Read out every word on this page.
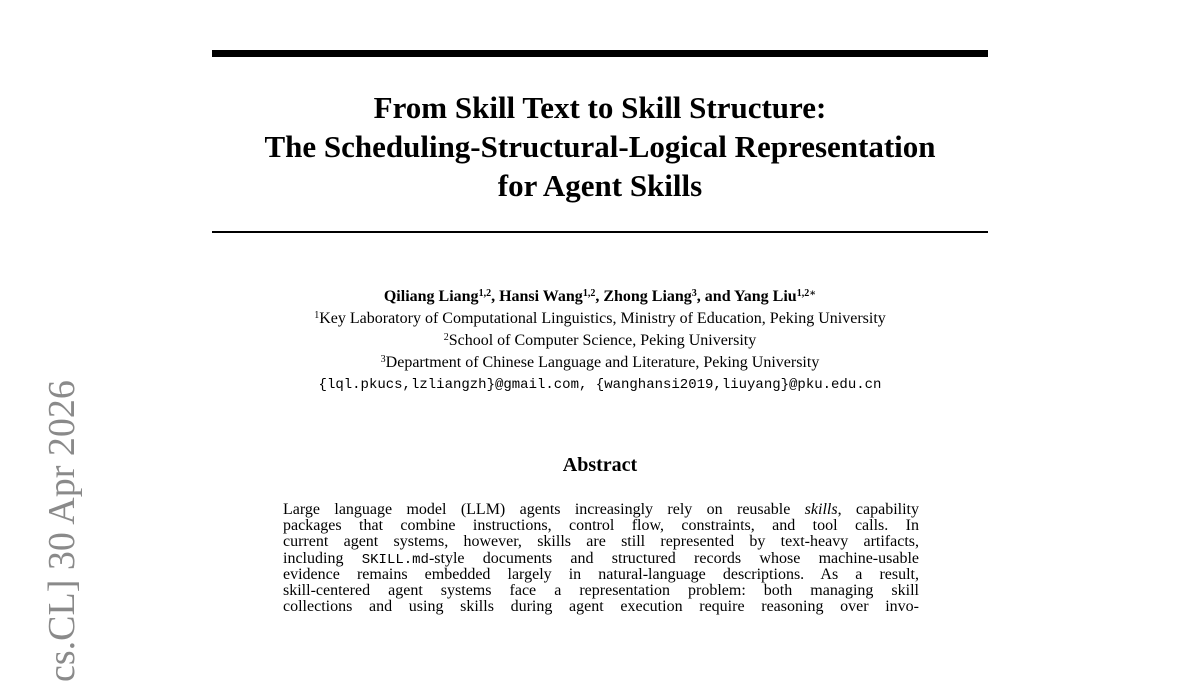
cs.CL] 30 Apr 2026
From Skill Text to Skill Structure:
The Scheduling-Structural-Logical Representation
for Agent Skills
Qiliang Liang$^{1,2}$, Hansi Wang$^{1,2}$, Zhong Liang$^3$, and Yang Liu$^{1,2∗}$
$^1$Key Laboratory of Computational Linguistics, Ministry of Education, Peking University
$^2$School of Computer Science, Peking University
$^3$Department of Chinese Language and Literature, Peking University
{lql.pkucs,lzliangzh}@gmail.com, {wanghansi2019,liuyang}@pku.edu.cn
Abstract
Large language model (LLM) agents increasingly rely on reusable skills, capability
packages that combine instructions, control flow, constraints, and tool calls. In
current agent systems, however, skills are still represented by text-heavy artifacts,
including SKILL.md-style documents and structured records whose machine-usable
evidence remains embedded largely in natural-language descriptions. As a result,
skill-centered agent systems face a representation problem: both managing skill
collections and using skills during agent execution require reasoning over invo-
